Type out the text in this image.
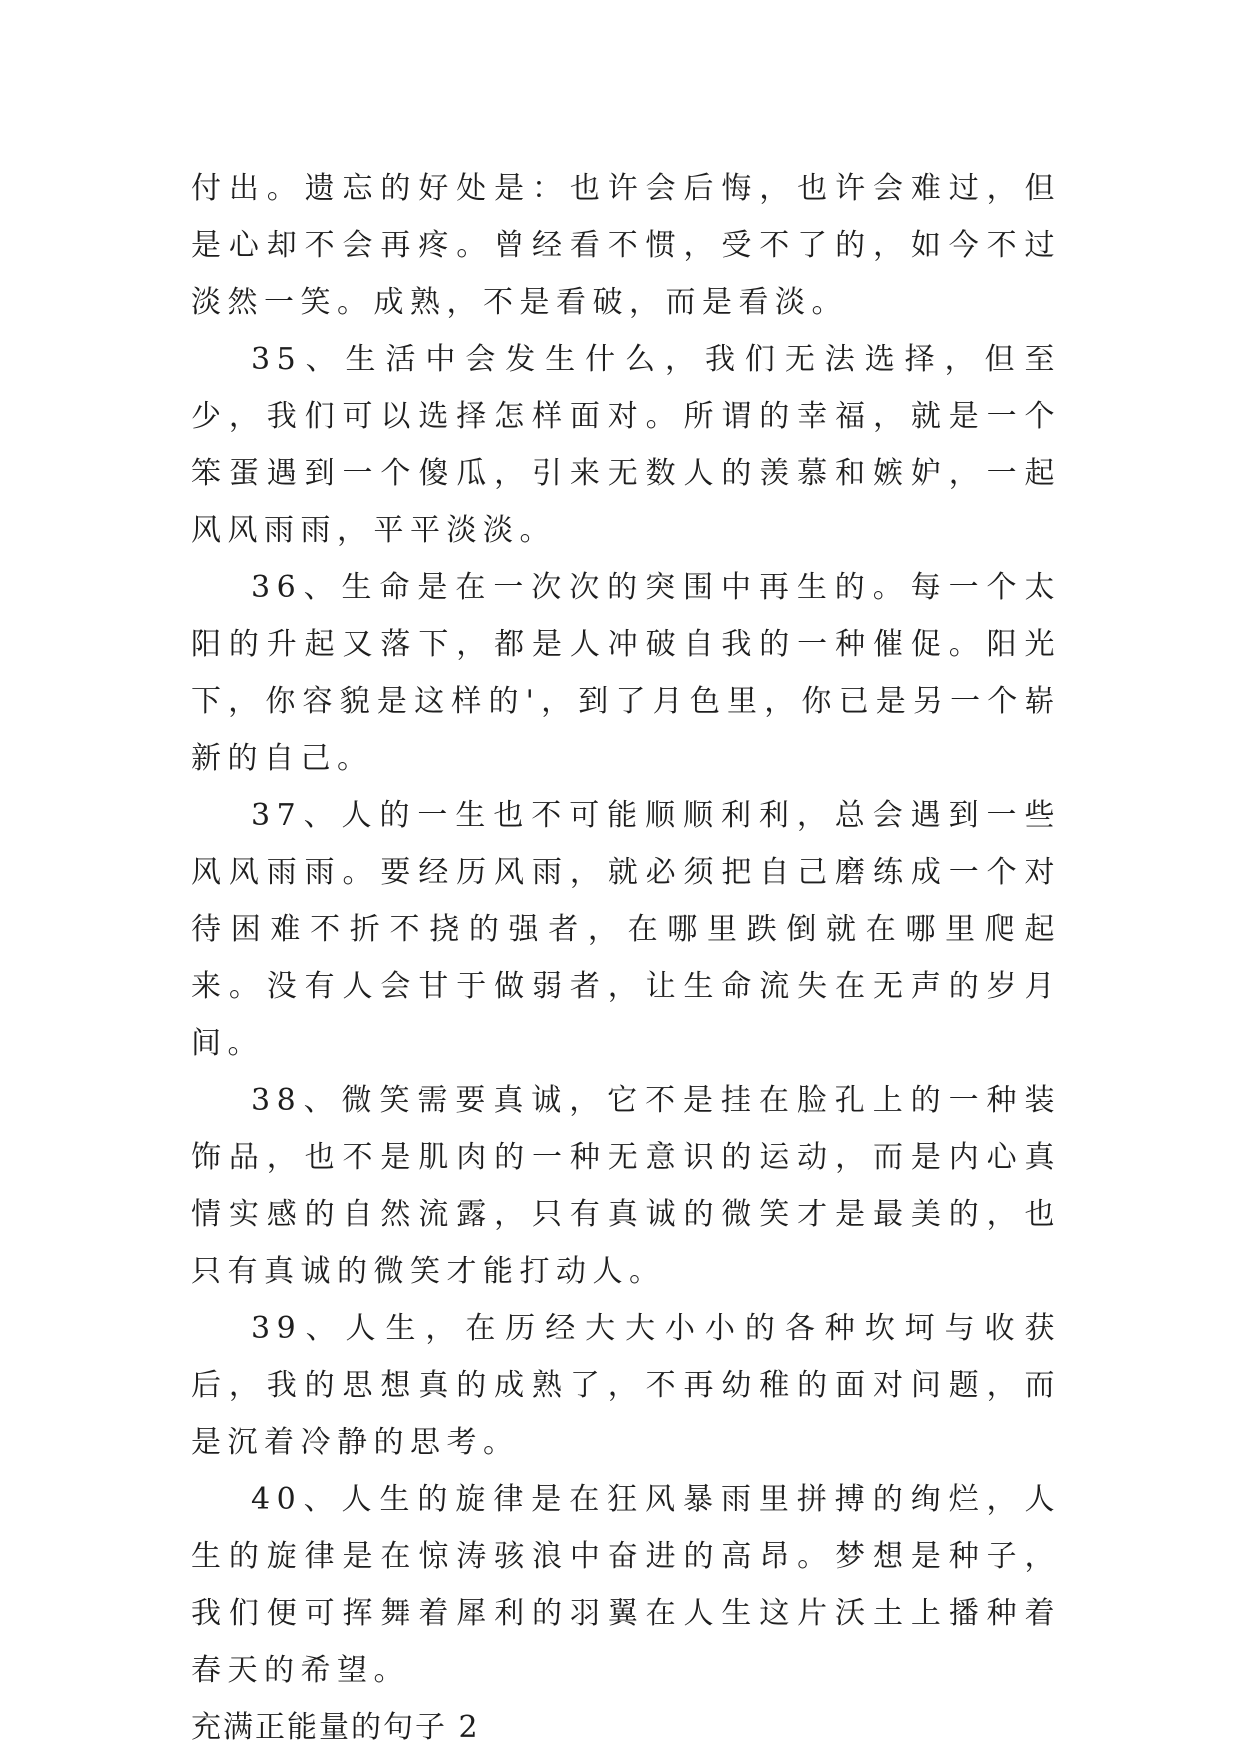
付出。遗忘的好处是：也许会后悔，也许会难过，但是心却不会再疼。曾经看不惯，受不了的，如今不过淡然一笑。成熟，不是看破，而是看淡。

35、生活中会发生什么，我们无法选择，但至少，我们可以选择怎样面对。所谓的幸福，就是一个笨蛋遇到一个傻瓜，引来无数人的羡慕和嫉妒，一起风风雨雨，平平淡淡。

36、生命是在一次次的突围中再生的。每一个太阳的升起又落下，都是人冲破自我的一种催促。阳光下，你容貌是这样的'，到了月色里，你已是另一个崭新的自己。

37、人的一生也不可能顺顺利利，总会遇到一些风风雨雨。要经历风雨，就必须把自己磨练成一个对待困难不折不挠的强者，在哪里跌倒就在哪里爬起来。没有人会甘于做弱者，让生命流失在无声的岁月间。

38、微笑需要真诚，它不是挂在脸孔上的一种装饰品，也不是肌肉的一种无意识的运动，而是内心真情实感的自然流露，只有真诚的微笑才是最美的，也只有真诚的微笑才能打动人。

39、人生，在历经大大小小的各种坎坷与收获后，我的思想真的成熟了，不再幼稚的面对问题，而是沉着冷静的思考。

40、人生的旋律是在狂风暴雨里拼搏的绚烂，人生的旋律是在惊涛骇浪中奋进的高昂。梦想是种子，我们便可挥舞着犀利的羽翼在人生这片沃土上播种着春天的希望。

充满正能量的句子 2
